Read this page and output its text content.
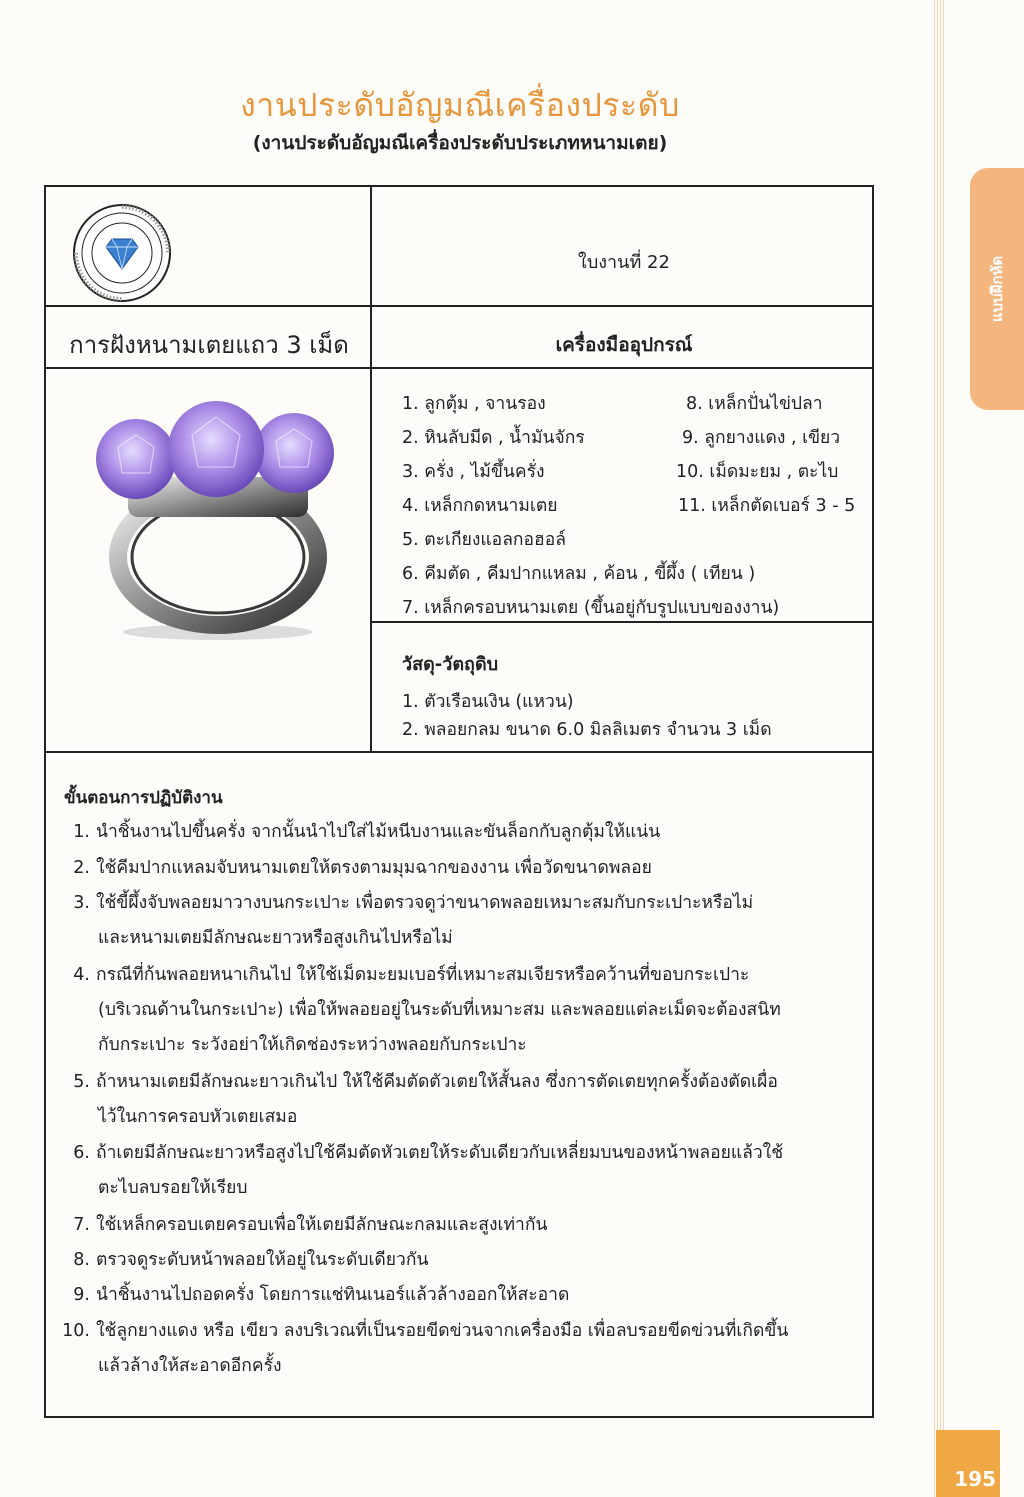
แบบฝึกหัด
195
งานประดับอัญมณีเครื่องประดับ
(งานประดับอัญมณีเครื่องประดับประเภทหนามเตย)
ใบงานที่ 22
การฝังหนามเตยแถว 3 เม็ด	เครื่องมืออุปกรณ์
1. ลูกตุ้ม , จานรอง
2. หินลับมีด , น้ำมันจักร
3. ครั่ง , ไม้ขึ้นครั่ง
4. เหล็กกดหนามเตย
5. ตะเกียงแอลกอฮอล์
6. คีมตัด , คีมปากแหลม , ค้อน , ขี้ผึ้ง ( เทียน )
7. เหล็กครอบหนามเตย (ขึ้นอยู่กับรูปแบบของงาน)
8. เหล็กปั่นไข่ปลา
9. ลูกยางแดง , เขียว
10. เม็ดมะยม , ตะไบ
11. เหล็กตัดเบอร์ 3 - 5
วัสดุ-วัตถุดิบ
1. ตัวเรือนเงิน (แหวน)
2. พลอยกลม ขนาด 6.0 มิลลิเมตร จำนวน 3 เม็ด
ขั้นตอนการปฏิบัติงาน
1. นำชิ้นงานไปขึ้นครั่ง จากนั้นนำไปใส่ไม้หนีบงานและขันล็อกกับลูกตุ้มให้แน่น
2. ใช้คีมปากแหลมจับหนามเตยให้ตรงตามมุมฉากของงาน เพื่อวัดขนาดพลอย
3. ใช้ขี้ผึ้งจับพลอยมาวางบนกระเปาะ เพื่อตรวจดูว่าขนาดพลอยเหมาะสมกับกระเปาะหรือไม่
และหนามเตยมีลักษณะยาวหรือสูงเกินไปหรือไม่
4. กรณีที่ก้นพลอยหนาเกินไป ให้ใช้เม็ดมะยมเบอร์ที่เหมาะสมเจียรหรือคว้านที่ขอบกระเปาะ
(บริเวณด้านในกระเปาะ) เพื่อให้พลอยอยู่ในระดับที่เหมาะสม และพลอยแต่ละเม็ดจะต้องสนิท
กับกระเปาะ ระวังอย่าให้เกิดช่องระหว่างพลอยกับกระเปาะ
5. ถ้าหนามเตยมีลักษณะยาวเกินไป ให้ใช้คีมตัดตัวเตยให้สั้นลง ซึ่งการตัดเตยทุกครั้งต้องตัดเผื่อ
ไว้ในการครอบหัวเตยเสมอ
6. ถ้าเตยมีลักษณะยาวหรือสูงไปใช้คีมตัดหัวเตยให้ระดับเดียวกับเหลี่ยมบนของหน้าพลอยแล้วใช้
ตะไบลบรอยให้เรียบ
7. ใช้เหล็กครอบเตยครอบเพื่อให้เตยมีลักษณะกลมและสูงเท่ากัน
8. ตรวจดูระดับหน้าพลอยให้อยู่ในระดับเดียวกัน
9. นำชิ้นงานไปถอดครั่ง โดยการแช่ทินเนอร์แล้วล้างออกให้สะอาด
10. ใช้ลูกยางแดง หรือ เขียว ลงบริเวณที่เป็นรอยขีดข่วนจากเครื่องมือ เพื่อลบรอยขีดข่วนที่เกิดขึ้น
แล้วล้างให้สะอาดอีกครั้ง
